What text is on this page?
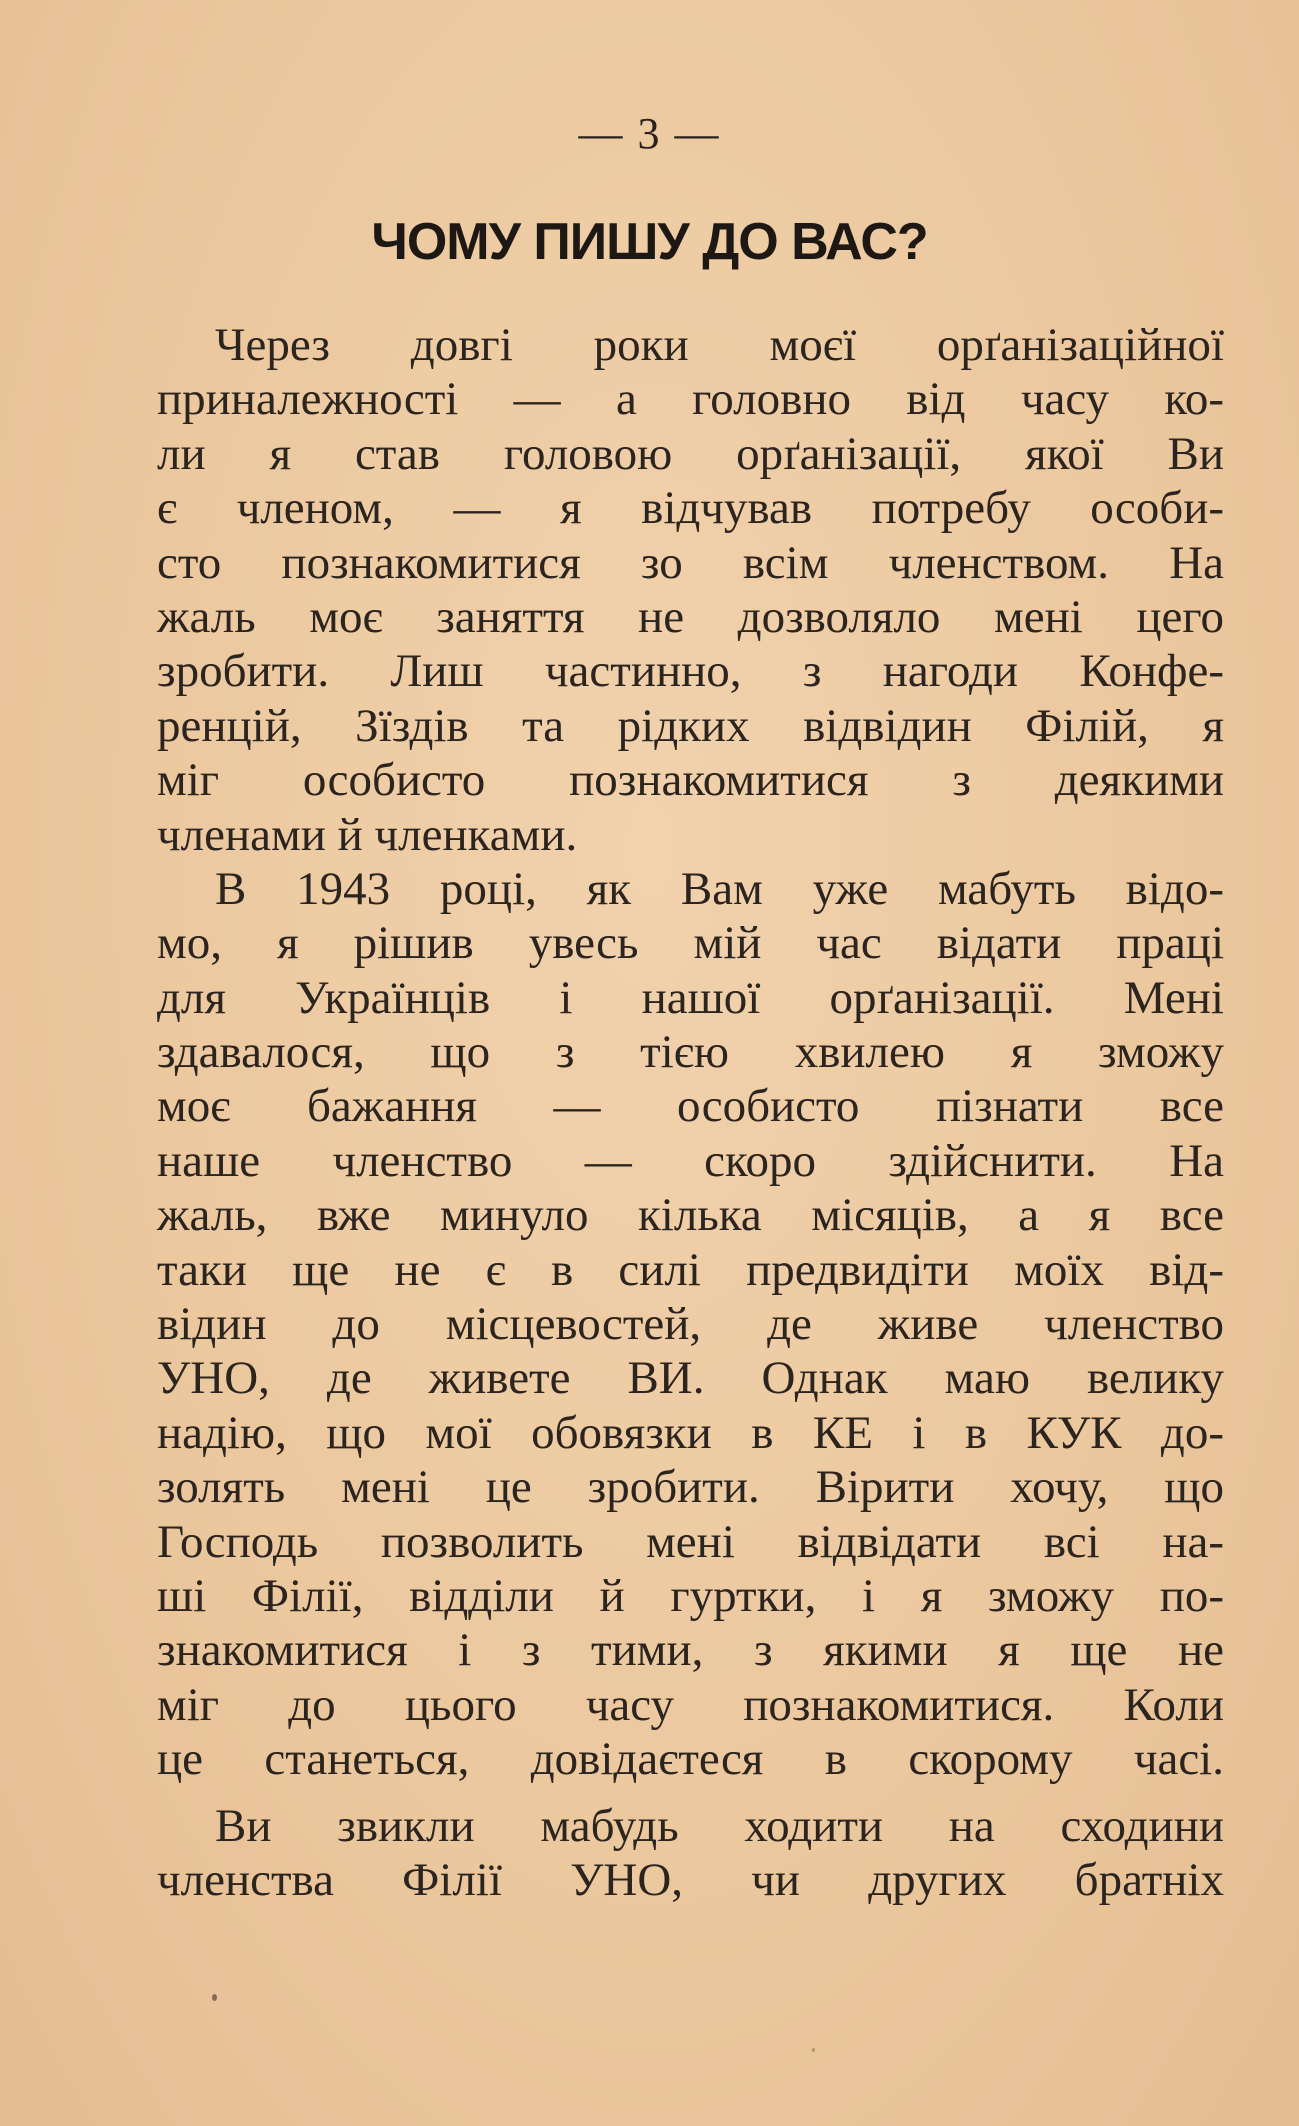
— 3 —
ЧОМУ ПИШУ ДО ВАС?
Через довгі роки моєї орґанізаційної
приналежності — а головно від часу ко-
ли я став головою орґанізації, якої Ви
є членом, — я відчував потребу особи-
сто познакомитися зо всім членством. На
жаль моє заняття не дозволяло мені цего
зробити. Лиш частинно, з нагоди Конфе-
ренцій, Зїздів та рідких відвідин Філій, я
міг особисто познакомитися з деякими
членами й членками.
В 1943 році, як Вам уже мабуть відо-
мо, я рішив увесь мій час відати праці
для Українців і нашої орґанізації. Мені
здавалося, що з тією хвилею я зможу
моє бажання — особисто пізнати все
наше членство — скоро здійснити. На
жаль, вже минуло кілька місяців, а я все
таки ще не є в силі предвидіти моїх від-
відин до місцевостей, де живе членство
УНО, де живете ВИ. Однак маю велику
надію, що мої обовязки в КЕ і в КУК до-
золять мені це зробити. Вірити хочу, що
Господь позволить мені відвідати всі на-
ші Філії, відділи й гуртки, і я зможу по-
знакомитися і з тими, з якими я ще не
міг до цього часу познакомитися. Коли
це станеться, довідаєтеся в скорому часі.
Ви звикли мабудь ходити на сходини
членства Філії УНО, чи других братніх
